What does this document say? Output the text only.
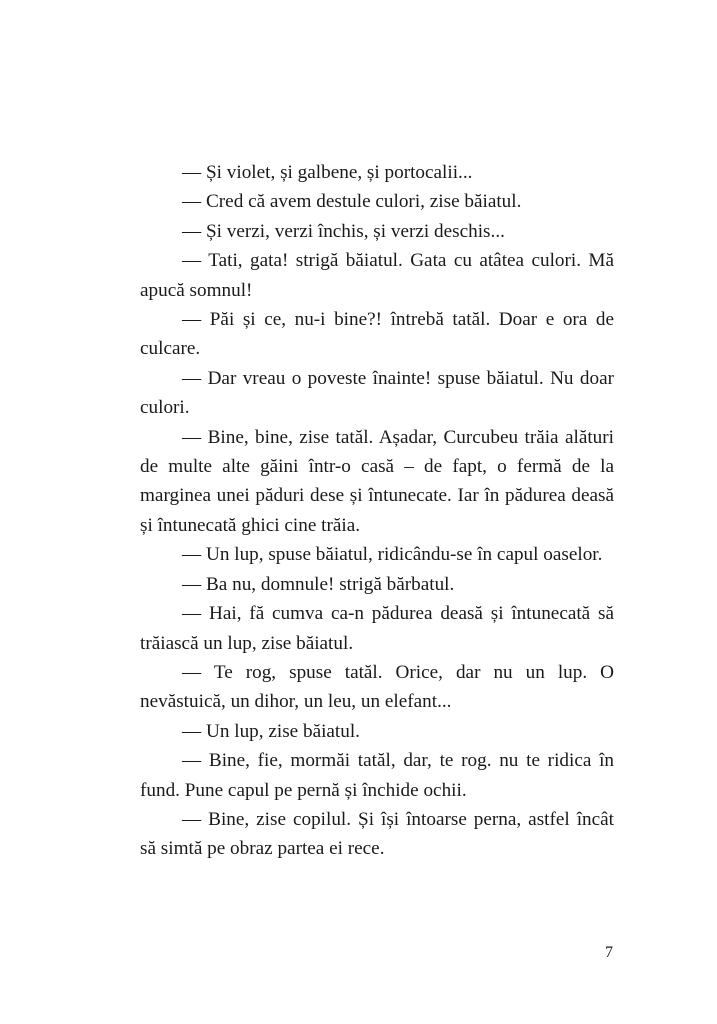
— Și violet, și galbene, și portocalii...

— Cred că avem destule culori, zise băiatul.

— Și verzi, verzi închis, și verzi deschis...

— Tati, gata! strigă băiatul. Gata cu atâtea culori. Mă apucă somnul!

— Păi și ce, nu-i bine?! întrebă tatăl. Doar e ora de culcare.

— Dar vreau o poveste înainte! spuse băiatul. Nu doar culori.

— Bine, bine, zise tatăl. Așadar, Curcubeu trăia alături de multe alte găini într-o casă – de fapt, o fermă de la marginea unei păduri dese și întunecate. Iar în pădurea deasă și întunecată ghici cine trăia.

— Un lup, spuse băiatul, ridicându-se în capul oaselor.

— Ba nu, domnule! strigă bărbatul.

— Hai, fă cumva ca-n pădurea deasă și întunecată să trăiască un lup, zise băiatul.

— Te rog, spuse tatăl. Orice, dar nu un lup. O nevăstuică, un dihor, un leu, un elefant...

— Un lup, zise băiatul.

— Bine, fie, mormăi tatăl, dar, te rog. nu te ridica în fund. Pune capul pe pernă și închide ochii.

— Bine, zise copilul. Și își întoarse perna, astfel încât să simtă pe obraz partea ei rece.

7
